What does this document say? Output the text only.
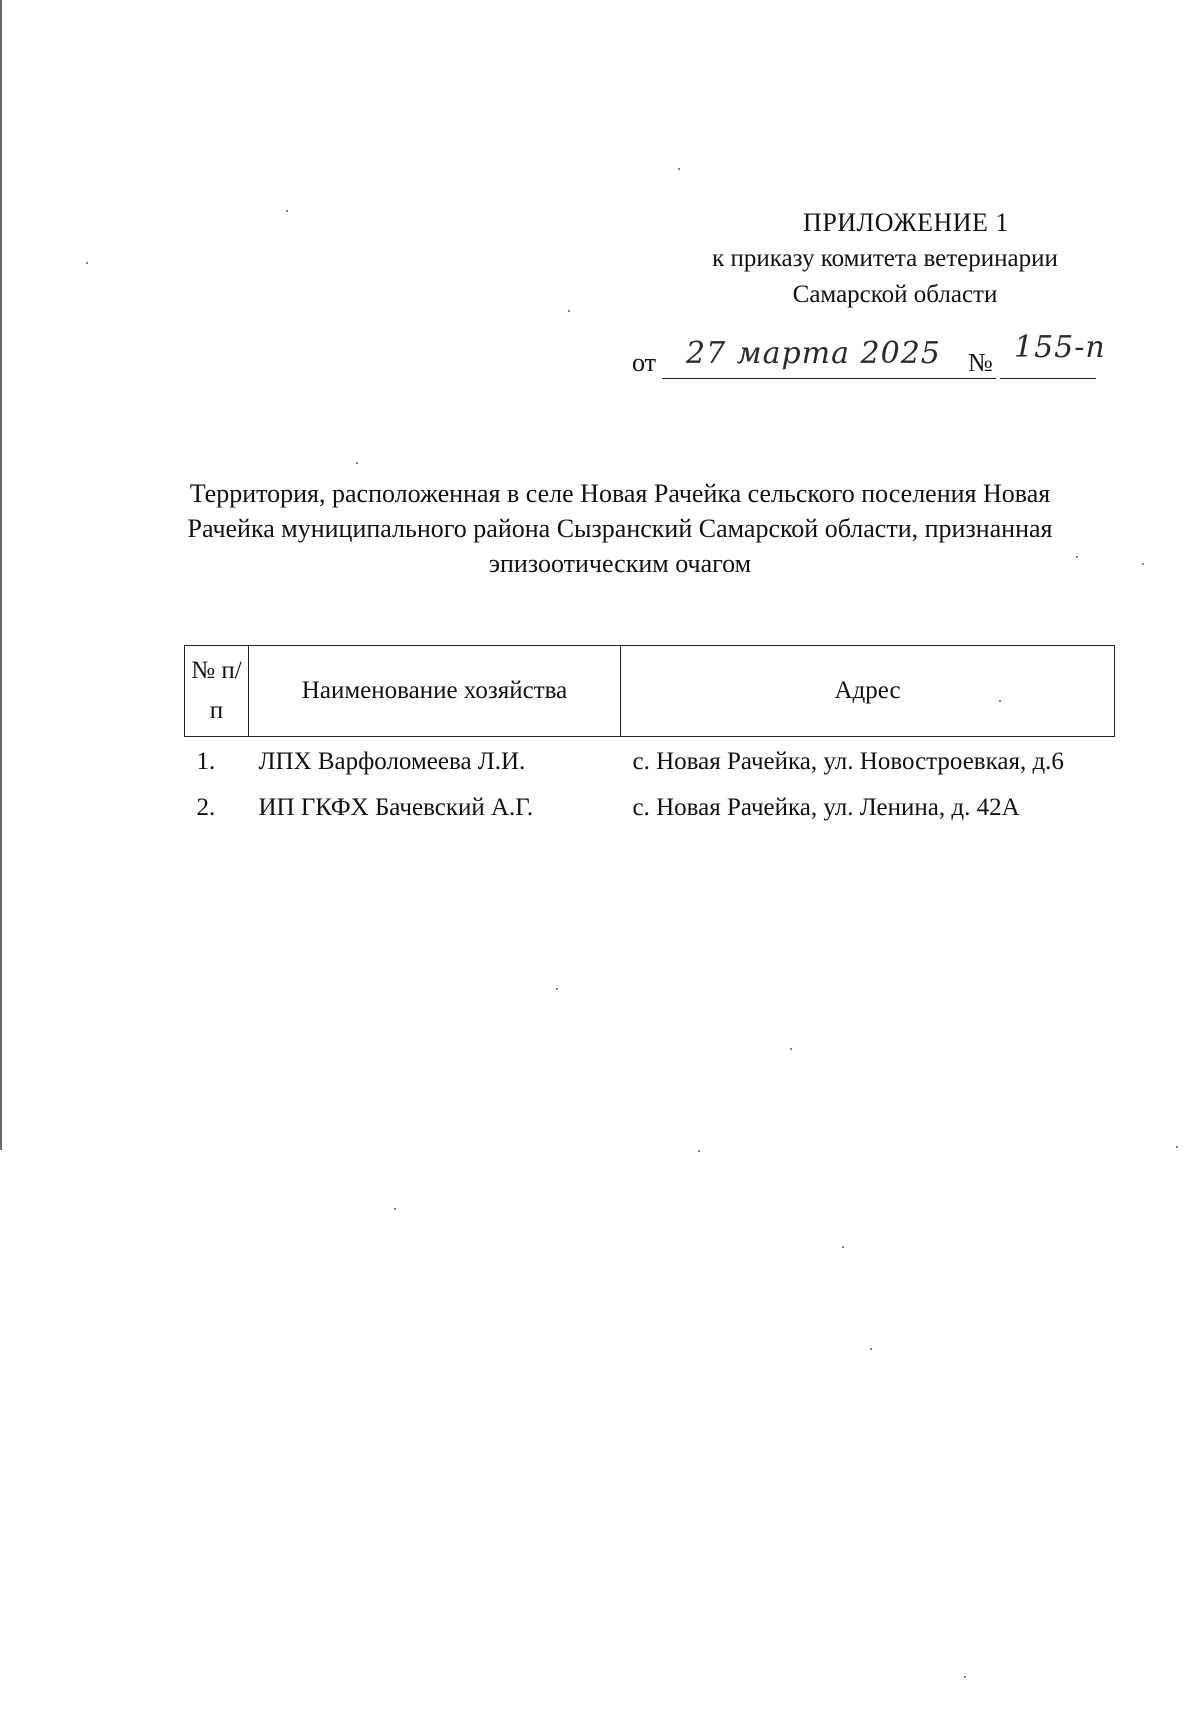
ПРИЛОЖЕНИЕ 1
к приказу комитета ветеринарии
Самарской области
от 27 марта 2025 № 155-п
Территория, расположенная в селе Новая Рачейка сельского поселения Новая Рачейка муниципального района Сызранский Самарской области, признанная эпизоотическим очагом
№ п/п	Наименование хозяйства	Адрес
1.	ЛПХ Варфоломеева Л.И.	с. Новая Рачейка, ул. Новостроевкая, д.6
2.	ИП ГКФХ Бачевский А.Г.	с. Новая Рачейка, ул. Ленина, д. 42А
